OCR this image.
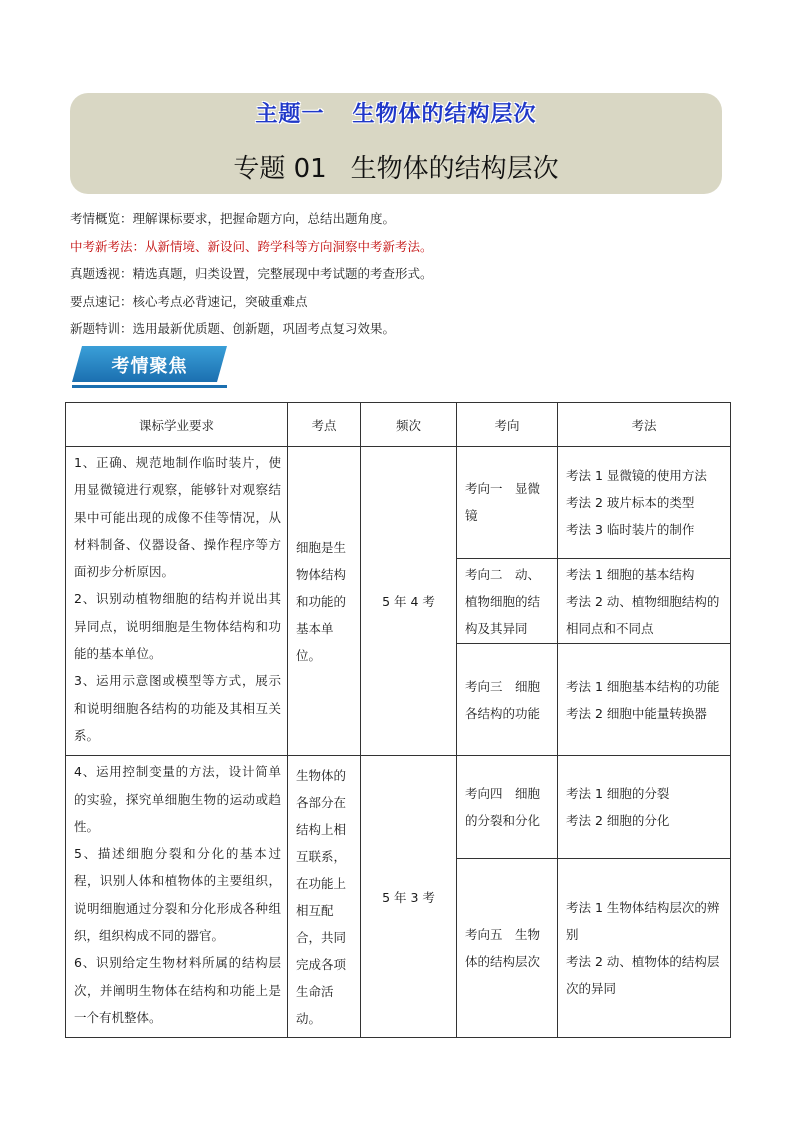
主题一 生物体的结构层次
专题 01 生物体的结构层次
考情概览：理解课标要求，把握命题方向，总结出题角度。
中考新考法：从新情境、新设问、跨学科等方向洞察中考新考法。
真题透视：精选真题，归类设置，完整展现中考试题的考查形式。
要点速记：核心考点必背速记，突破重难点
新题特训：选用最新优质题、创新题，巩固考点复习效果。
考情聚焦
课标学业要求	考点	频次	考向	考法

1、正确、规范地制作临时装片，使用显微镜进行观察，能够针对观察结果中可能出现的成像不佳等情况，从材料制备、仪器设备、操作程序等方面初步分析原因。
2、识别动植物细胞的结构并说出其异同点，说明细胞是生物体结构和功能的基本单位。
3、运用示意图或模型等方式，展示和说明细胞各结构的功能及其相互关系。	细胞是生物体结构和功能的基本单位。	5 年 4 考	考向一　显微镜	考法 1 显微镜的使用方法
考法 2 玻片标本的类型
考法 3 临时装片的制作

			考向二　动、植物细胞的结构及其异同	考法 1 细胞的基本结构
考法 2 动、植物细胞结构的相同点和不同点

			考向三　细胞各结构的功能	考法 1 细胞基本结构的功能
考法 2 细胞中能量转换器

4、运用控制变量的方法，设计简单的实验，探究单细胞生物的运动或趋性。
5、描述细胞分裂和分化的基本过程，识别人体和植物体的主要组织，说明细胞通过分裂和分化形成各种组织，组织构成不同的器官。
6、识别给定生物材料所属的结构层次，并阐明生物体在结构和功能上是一个有机整体。	生物体的各部分在结构上相互联系，在功能上相互配合，共同完成各项生命活动。	5 年 3 考	考向四　细胞的分裂和分化	考法 1 细胞的分裂
考法 2 细胞的分化

			考向五　生物体的结构层次	考法 1 生物体结构层次的辨别
考法 2 动、植物体的结构层次的异同
